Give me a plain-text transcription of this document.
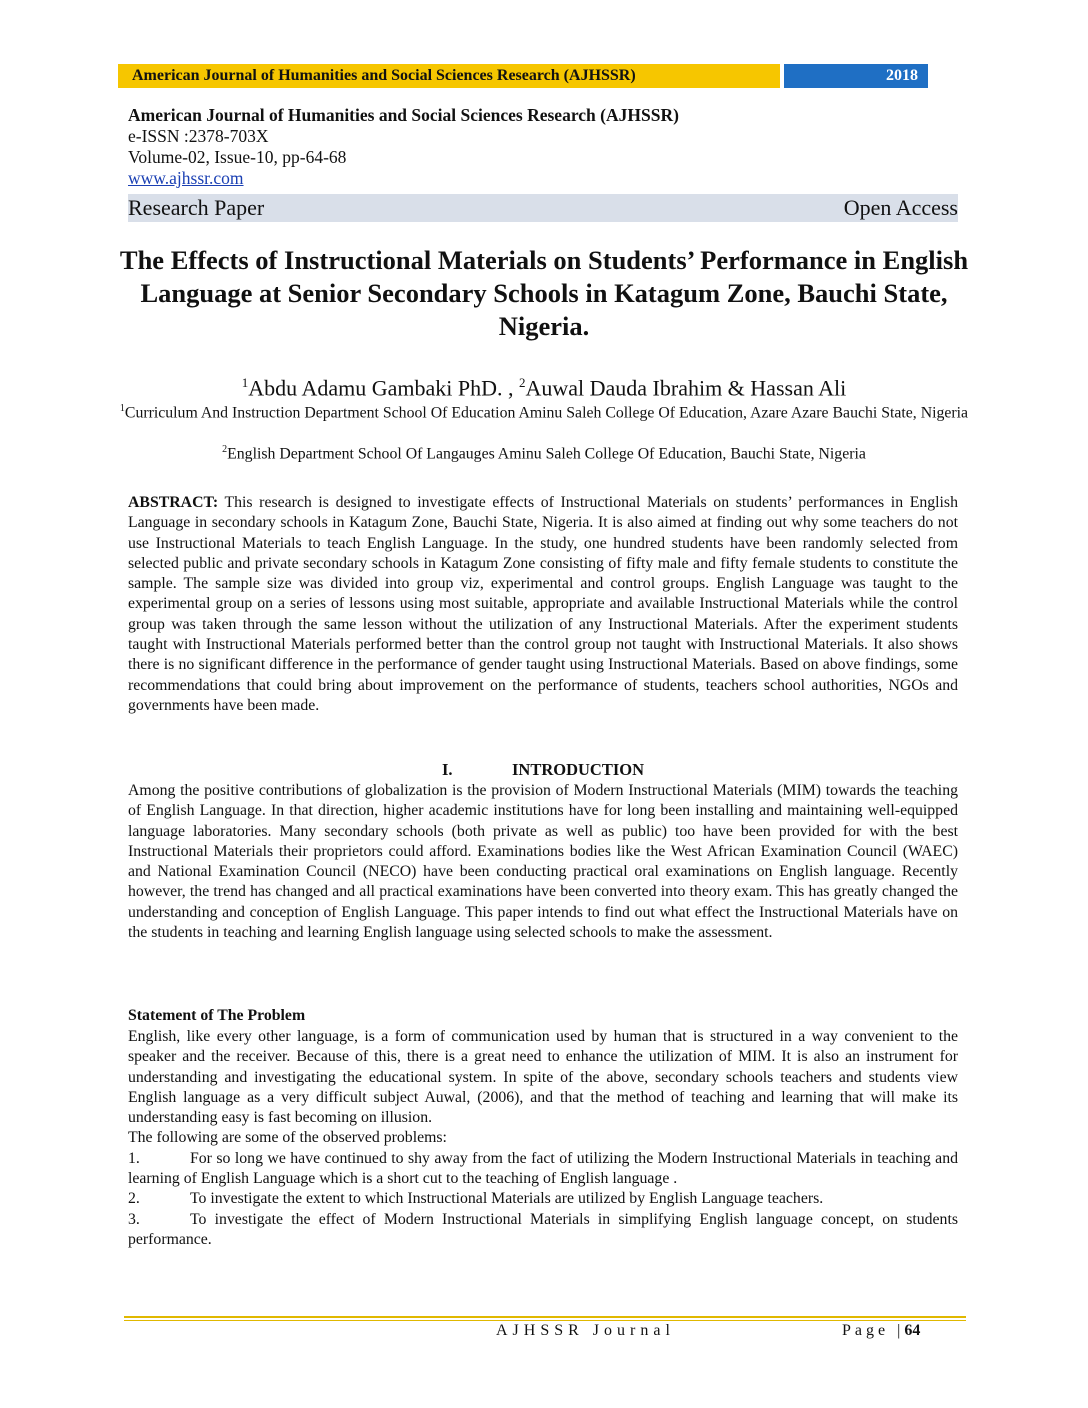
American Journal of Humanities and Social Sciences Research (AJHSSR)	2018
American Journal of Humanities and Social Sciences Research (AJHSSR)
e-ISSN :2378-703X
Volume-02, Issue-10, pp-64-68
www.ajhssr.com
Research Paper	Open Access
The Effects of Instructional Materials on Students’ Performance in English Language at Senior Secondary Schools in Katagum Zone, Bauchi State, Nigeria.
$^1$Abdu Adamu Gambaki PhD. , $^2$Auwal Dauda Ibrahim & Hassan Ali
$^1$Curriculum And Instruction Department School Of Education Aminu Saleh College Of Education, Azare Azare Bauchi State, Nigeria
$^2$English Department School Of Langauges Aminu Saleh College Of Education, Bauchi State, Nigeria
ABSTRACT: This research is designed to investigate effects of Instructional Materials on students’ performances in English Language in secondary schools in Katagum Zone, Bauchi State, Nigeria. It is also aimed at finding out why some teachers do not use Instructional Materials to teach English Language. In the study, one hundred students have been randomly selected from selected public and private secondary schools in Katagum Zone consisting of fifty male and fifty female students to constitute the sample. The sample size was divided into group viz, experimental and control groups. English Language was taught to the experimental group on a series of lessons using most suitable, appropriate and available Instructional Materials while the control group was taken through the same lesson without the utilization of any Instructional Materials. After the experiment students taught with Instructional Materials performed better than the control group not taught with Instructional Materials. It also shows there is no significant difference in the performance of gender taught using Instructional Materials. Based on above findings, some recommendations that could bring about improvement on the performance of students, teachers school authorities, NGOs and governments have been made.
I.	INTRODUCTION
Among the positive contributions of globalization is the provision of Modern Instructional Materials (MIM) towards the teaching of English Language. In that direction, higher academic institutions have for long been installing and maintaining well-equipped language laboratories. Many secondary schools (both private as well as public) too have been provided for with the best Instructional Materials their proprietors could afford. Examinations bodies like the West African Examination Council (WAEC) and National Examination Council (NECO) have been conducting practical oral examinations on English language. Recently however, the trend has changed and all practical examinations have been converted into theory exam. This has greatly changed the understanding and conception of English Language. This paper intends to find out what effect the Instructional Materials have on the students in teaching and learning English language using selected schools to make the assessment.
Statement of The Problem

English, like every other language, is a form of communication used by human that is structured in a way convenient to the speaker and the receiver. Because of this, there is a great need to enhance the utilization of MIM. It is also an instrument for understanding and investigating the educational system. In spite of the above, secondary schools teachers and students view English language as a very difficult subject Auwal, (2006), and that the method of teaching and learning that will make its understanding easy is fast becoming on illusion.

The following are some of the observed problems:

1.	For so long we have continued to shy away from the fact of utilizing the Modern Instructional Materials in teaching and learning of English Language which is a short cut to the teaching of English language .

2.	To investigate the extent to which Instructional Materials are utilized by English Language teachers.

3.	To investigate the effect of Modern Instructional Materials in simplifying English language concept, on students performance.

AJHSSR Journal	Page |64
